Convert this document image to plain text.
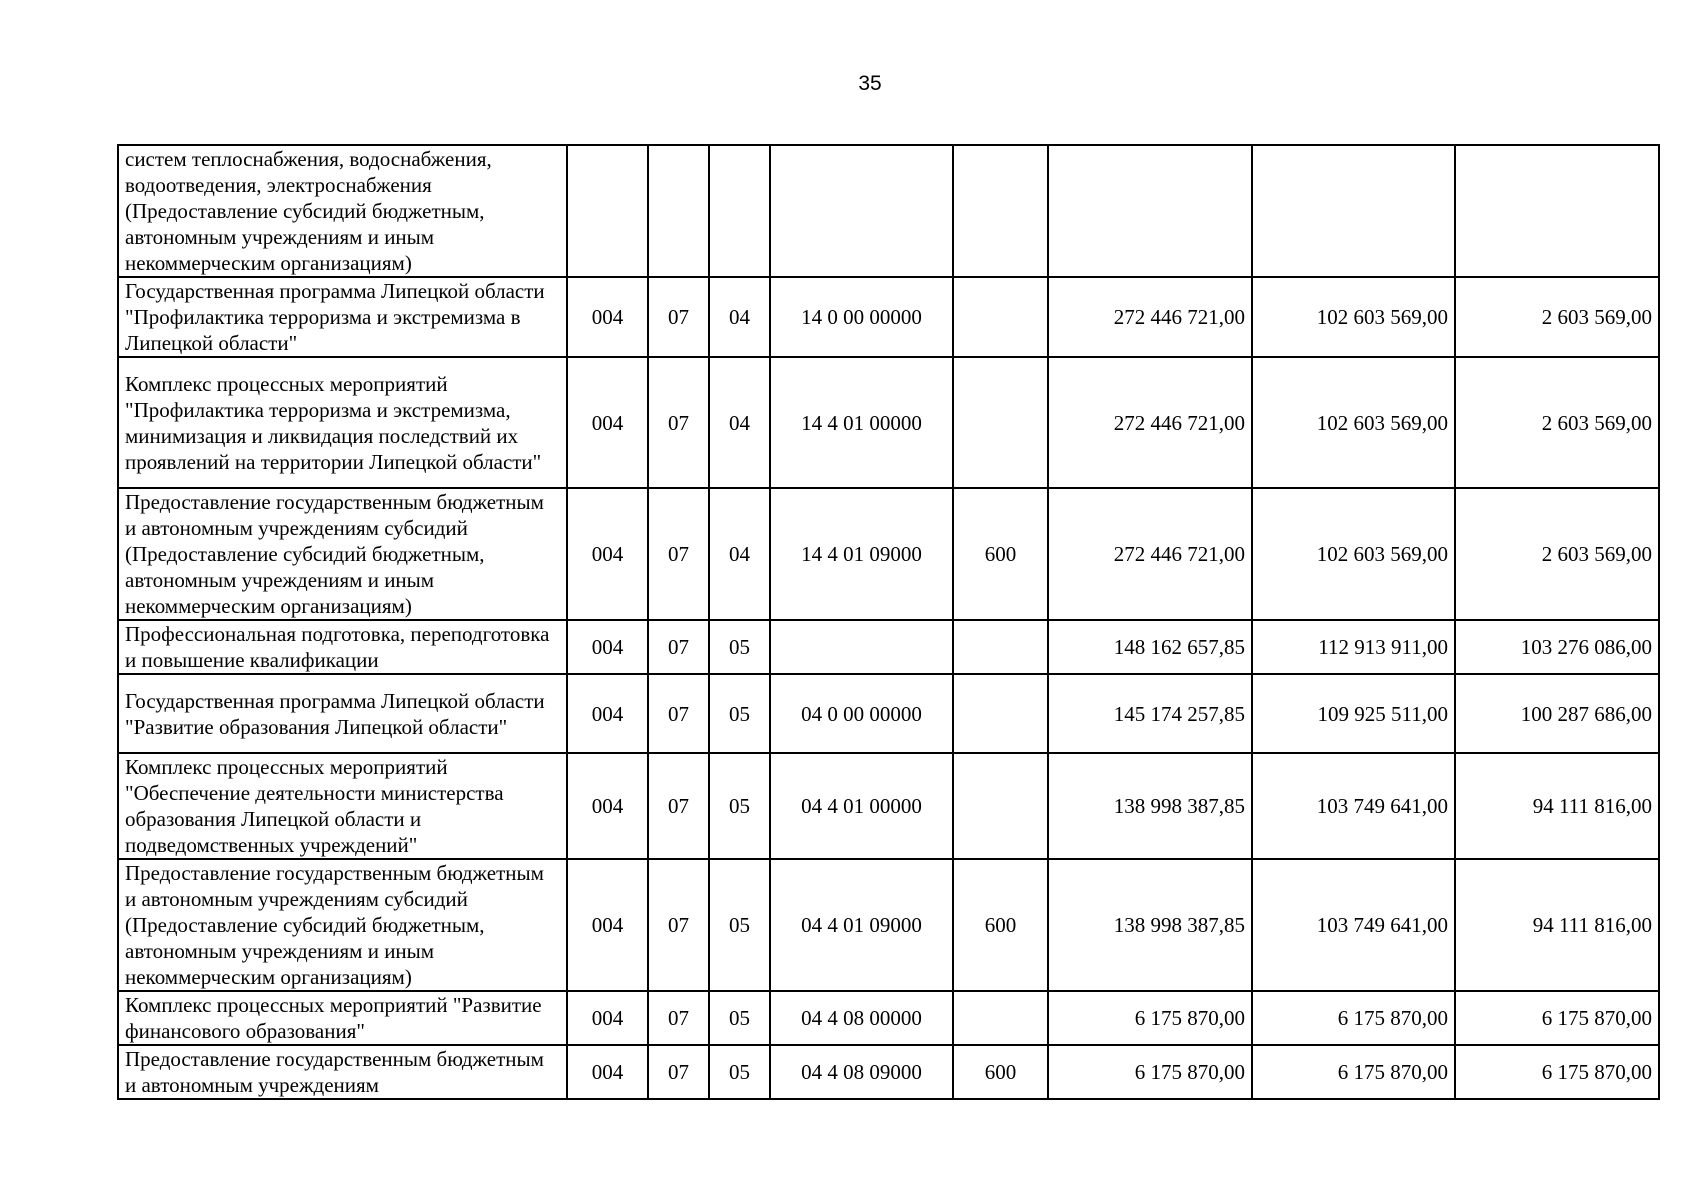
35
систем теплоснабжения, водоснабжения, водоотведения, электроснабжения (Предоставление субсидий бюджетным, автономным учреждениям и иным некоммерческим организациям)								
Государственная программа Липецкой области "Профилактика терроризма и экстремизма в Липецкой области"	004	07	04	14 0 00 00000		272 446 721,00	102 603 569,00	2 603 569,00
Комплекс процессных мероприятий "Профилактика терроризма и экстремизма, минимизация и ликвидация последствий их проявлений на территории Липецкой области"	004	07	04	14 4 01 00000		272 446 721,00	102 603 569,00	2 603 569,00
Предоставление государственным бюджетным и автономным учреждениям субсидий (Предоставление субсидий бюджетным, автономным учреждениям и иным некоммерческим организациям)	004	07	04	14 4 01 09000	600	272 446 721,00	102 603 569,00	2 603 569,00
Профессиональная подготовка, переподготовка и повышение квалификации	004	07	05			148 162 657,85	112 913 911,00	103 276 086,00
Государственная программа Липецкой области "Развитие образования Липецкой области"	004	07	05	04 0 00 00000		145 174 257,85	109 925 511,00	100 287 686,00
Комплекс процессных мероприятий "Обеспечение деятельности министерства образования Липецкой области и подведомственных учреждений"	004	07	05	04 4 01 00000		138 998 387,85	103 749 641,00	94 111 816,00
Предоставление государственным бюджетным и автономным учреждениям субсидий (Предоставление субсидий бюджетным, автономным учреждениям и иным некоммерческим организациям)	004	07	05	04 4 01 09000	600	138 998 387,85	103 749 641,00	94 111 816,00
Комплекс процессных мероприятий "Развитие финансового образования"	004	07	05	04 4 08 00000		6 175 870,00	6 175 870,00	6 175 870,00
Предоставление государственным бюджетным и автономным учреждениям	004	07	05	04 4 08 09000	600	6 175 870,00	6 175 870,00	6 175 870,00
